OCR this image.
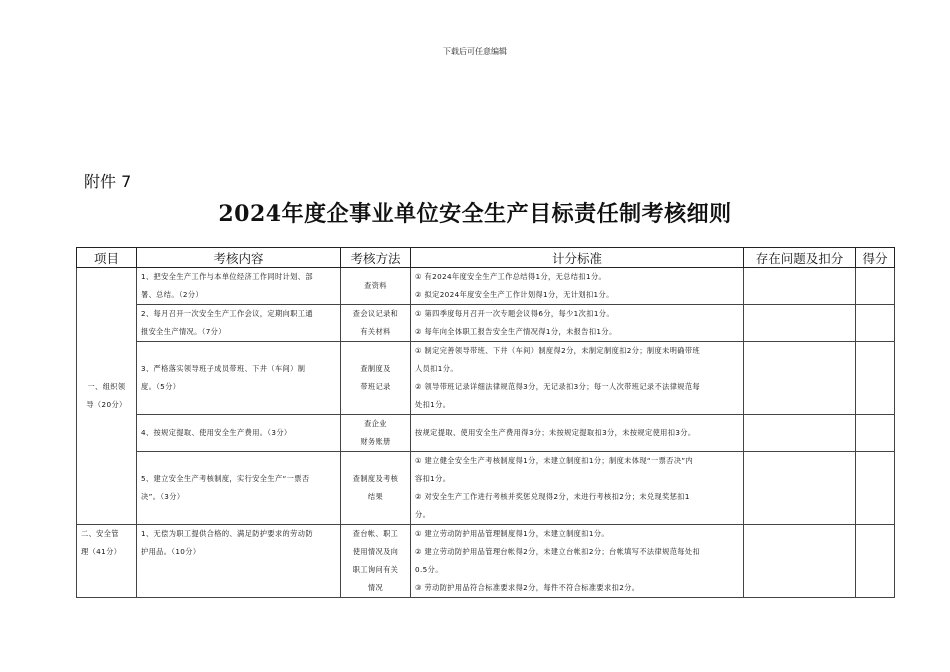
下载后可任意编辑
附件 7
2024年度企事业单位安全生产目标责任制考核细则
项目	考核内容	考核方法	计分标准	存在问题及扣分	得分

一、组织领
导（20分）	1、把安全生产工作与本单位经济工作同时计划、部
署、总结。（2分）	查资料	① 有2024年度安全生产工作总结得1分，无总结扣1分。
② 拟定2024年度安全生产工作计划得1分，无计划扣1分。		

	2、每月召开一次安全生产工作会议，定期向职工通
报安全生产情况。（7分）	查会议记录和
有关材料	① 第四季度每月召开一次专题会议得6分，每少1次扣1分。
② 每年向全体职工报告安全生产情况得1分，未报告扣1分。		

	3、严格落实领导班子成员带班、下井（车间）制
度。（5分）	查制度及
带班记录	① 制定完善领导带班、下井（车间）制度得2分，未制定制度扣2分；制度未明确带班
人员扣1分。
② 领导带班记录详细法律规范得3分，无记录扣3分；每一人次带班记录不法律规范每
处扣1分。		

	4、按规定提取、使用安全生产费用。（3分）	查企业
财务账册	按规定提取、使用安全生产费用得3分；未按规定提取扣3分，未按规定使用扣3分。		

	5、建立安全生产考核制度，实行安全生产“一票否
决”。（3分）	查制度及考核
结果	① 建立健全安全生产考核制度得1分，未建立制度扣1分；制度未体现“一票否决”内
容扣1分。
② 对安全生产工作进行考核并奖惩兑现得2分，未进行考核扣2分；未兑现奖惩扣1
分。		

二、安全管
理（41分）	1、无偿为职工提供合格的、满足防护要求的劳动防
护用品。（10分）	查台帐、职工
使用情况及向
职工询问有关
情况	① 建立劳动防护用品管理制度得1分，未建立制度扣1分。
② 建立劳动防护用品管理台帐得2分，未建立台帐扣2分；台帐填写不法律规范每处扣
0.5分。
③ 劳动防护用品符合标准要求得2分，每件不符合标准要求扣2分。		
